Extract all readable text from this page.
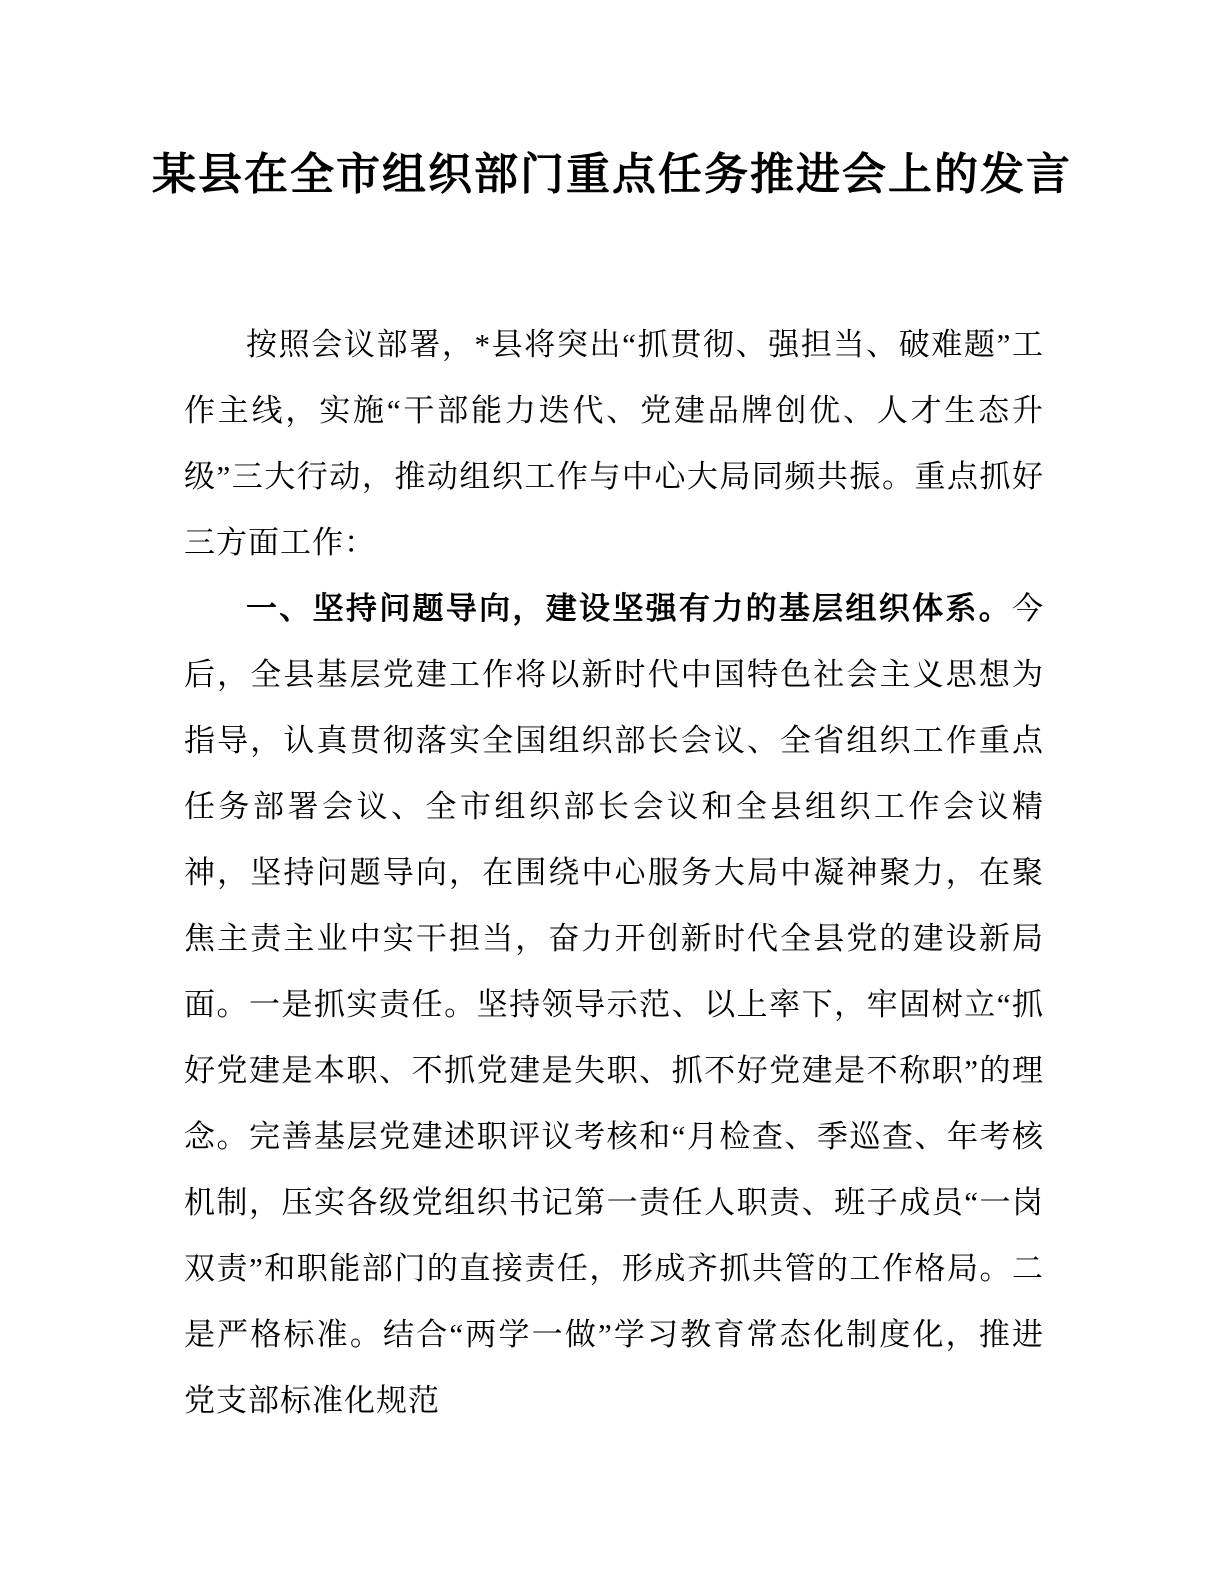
某县在全市组织部门重点任务推进会上的发言

按照会议部署，*县将突出“抓贯彻、强担当、破难题”工作主线，实施“干部能力迭代、党建品牌创优、人才生态升级”三大行动，推动组织工作与中心大局同频共振。重点抓好三方面工作：

一、坚持问题导向，建设坚强有力的基层组织体系。今后，全县基层党建工作将以新时代中国特色社会主义思想为指导，认真贯彻落实全国组织部长会议、全省组织工作重点任务部署会议、全市组织部长会议和全县组织工作会议精神，坚持问题导向，在围绕中心服务大局中凝神聚力，在聚焦主责主业中实干担当，奋力开创新时代全县党的建设新局面。一是抓实责任。坚持领导示范、以上率下，牢固树立“抓好党建是本职、不抓党建是失职、抓不好党建是不称职”的理念。完善基层党建述职评议考核和“月检查、季巡查、年考核机制，压实各级党组织书记第一责任人职责、班子成员“一岗双责”和职能部门的直接责任，形成齐抓共管的工作格局。二是严格标准。结合“两学一做”学习教育常态化制度化，推进党支部标准化规范
